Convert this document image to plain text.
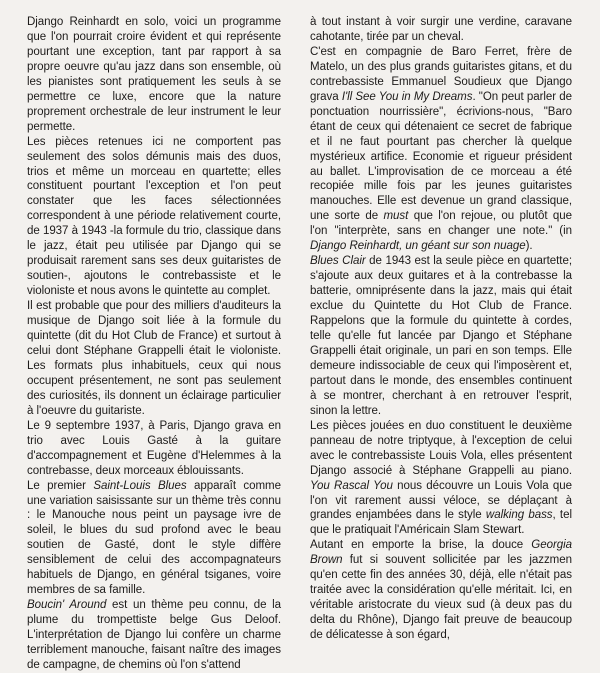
Django Reinhardt en solo, voici un programme que l'on pourrait croire évident et qui représente pourtant une exception, tant par rapport à sa propre oeuvre qu'au jazz dans son ensemble, où les pianistes sont pratiquement les seuls à se permettre ce luxe, encore que la nature proprement orchestrale de leur instrument le leur permette.

Les pièces retenues ici ne comportent pas seulement des solos démunis mais des duos, trios et même un morceau en quartette; elles constituent pourtant l'exception et l'on peut constater que les faces sélectionnées correspondent à une période relativement courte, de 1937 à 1943 -la formule du trio, classique dans le jazz, était peu utilisée par Django qui se produisait rarement sans ses deux guitaristes de soutien-, ajoutons le contrebassiste et le violoniste et nous avons le quintette au complet.

Il est probable que pour des milliers d'auditeurs la musique de Django soit liée à la formule du quintette (dit du Hot Club de France) et surtout à celui dont Stéphane Grappelli était le violoniste. Les formats plus inhabituels, ceux qui nous occupent présentement, ne sont pas seulement des curiosités, ils donnent un éclairage particulier à l'oeuvre du guitariste.

Le 9 septembre 1937, à Paris, Django grava en trio avec Louis Gasté à la guitare d'accompagnement et Eugène d'Helemmes à la contrebasse, deux morceaux éblouissants.

Le premier Saint-Louis Blues apparaît comme une variation saisissante sur un thème très connu : le Manouche nous peint un paysage ivre de soleil, le blues du sud profond avec le beau soutien de Gasté, dont le style diffère sensiblement de celui des accompagnateurs habituels de Django, en général tsiganes, voire membres de sa famille.

Boucin' Around est un thème peu connu, de la plume du trompettiste belge Gus Deloof. L'interprétation de Django lui confère un charme terriblement manouche, faisant naître des images de campagne, de chemins où l'on s'attend

à tout instant à voir surgir une verdine, caravane cahotante, tirée par un cheval.

C'est en compagnie de Baro Ferret, frère de Matelo, un des plus grands guitaristes gitans, et du contrebassiste Emmanuel Soudieux que Django grava I'll See You in My Dreams. "On peut parler de ponctuation nourrissière", écrivions-nous, "Baro étant de ceux qui détenaient ce secret de fabrique et il ne faut pourtant pas chercher là quelque mystérieux artifice. Economie et rigueur président au ballet. L'improvisation de ce morceau a été recopiée mille fois par les jeunes guitaristes manouches. Elle est devenue un grand classique, une sorte de must que l'on rejoue, ou plutôt que l'on "interprète, sans en changer une note." (in Django Reinhardt, un géant sur son nuage).

Blues Clair de 1943 est la seule pièce en quartette; s'ajoute aux deux guitares et à la contrebasse la batterie, omniprésente dans la jazz, mais qui était exclue du Quintette du Hot Club de France. Rappelons que la formule du quintette à cordes, telle qu'elle fut lancée par Django et Stéphane Grappelli était originale, un pari en son temps. Elle demeure indissociable de ceux qui l'imposèrent et, partout dans le monde, des ensembles continuent à se montrer, cherchant à en retrouver l'esprit, sinon la lettre.

Les pièces jouées en duo constituent le deuxième panneau de notre triptyque, à l'exception de celui avec le contrebassiste Louis Vola, elles présentent Django associé à Stéphane Grappelli au piano. You Rascal You nous découvre un Louis Vola que l'on vit rarement aussi véloce, se déplaçant à grandes enjambées dans le style walking bass, tel que le pratiquait l'Américain Slam Stewart.

Autant en emporte la brise, la douce Georgia Brown fut si souvent sollicitée par les jazzmen qu'en cette fin des années 30, déjà, elle n'était pas traitée avec la considération qu'elle méritait. Ici, en véritable aristocrate du vieux sud (à deux pas du delta du Rhône), Django fait preuve de beaucoup de délicatesse à son égard,
